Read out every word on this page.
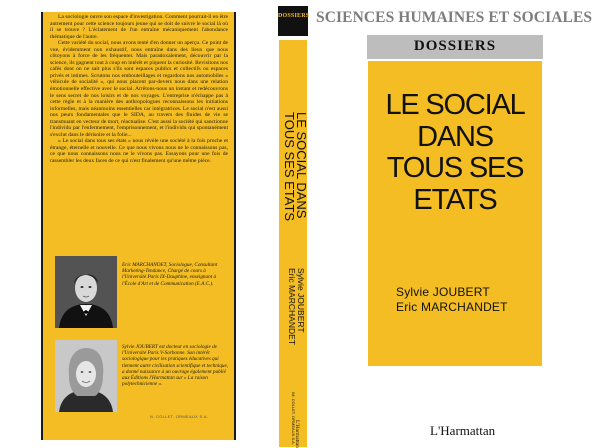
La sociologie ouvre son espace d'investigation. Comment pourrait-il en être autrement pour cette science toujours jeune qui se doit de suivre le social là où il se trouve ? L'éclatement de l'un entraîne mécaniquement l'abondance thématique de l'autre.

Cette variété du social, nous avons tenté d'en donner un aperçu. Ce point de vue, évidemment non exhaustif, nous entraîne dans des lieux que nous côtoyons à force de les fréquenter. Mais paradoxalement, découvrir par la science, ils gagnent tout à coup en intérêt et piquent la curiosité. Revisitons nos cafés dont on ne sait plus s'ils sont espaces publics et collectifs ou espaces privés et intimes. Scrutons nos embouteillages et regardons nos automobiles « véhicule de socialité », qui nous placent par-devers nous dans une relation émotionnelle effective avec le social. Arrêtons-nous un instant et redécouvrons le sens secret de nos loisirs et de nos voyages. L'entreprise n'échappe pas à cette règle et à la manière des anthropologues reconnaissons les initiations informelles, mais néanmoins essentielles car intégratrices. Le social n'est aussi nos peurs fondamentales que le SIDA, au travers des fluides de vie se transmuant en vecteur de mort, réactualise. C'est aussi la société qui sanctionne l'individu par l'enfermement, l'emprisonnement, et l'individu qui spontanément s'exclut dans le dérisoire et la folie...

« Le social dans tous ses états » nous révèle une société à la fois proche et étrange, éternelle et nouvelle. Ce que nous vivons nous ne le connaissons pas, ce que nous connaissons nous ne le vivons pas. Essayons pour une fois de rassembler les deux faces de ce qui n'est finalement qu'une même pièce.

Eric MARCHANDET, Sociologue, Consultant Marketing-Tendance, Chargé de cours à l'Université Paris IX-Dauphine, enseignant à l'École d'Art et de Communication (E.A.C.).
Sylvie JOUBERT est docteur en sociologie de l'Université Paris V-Sorbonne. Son intérêt sociologique pour les pratiques éducatives qui tiennent autre civilisation scientifique et technique, a donné naissance à un ouvrage également publié aux Éditions l'Harmattan sur « La raison polytechnicienne ».
N. COLLET. ORMEAUX S.A.
DOSSIERS
LE SOCIAL DANS
TOUS SES ETATS
Sylvie JOUBERT
Eric MARCHANDET
IM. COLLET. ORMEAUX S.A.
L'Harmattan
SCIENCES HUMAINES ET SOCIALES
DOSSIERS
LE SOCIAL
DANS
TOUS SES
ETATS
Sylvie JOUBERT
Eric MARCHANDET
L'Harmattan
